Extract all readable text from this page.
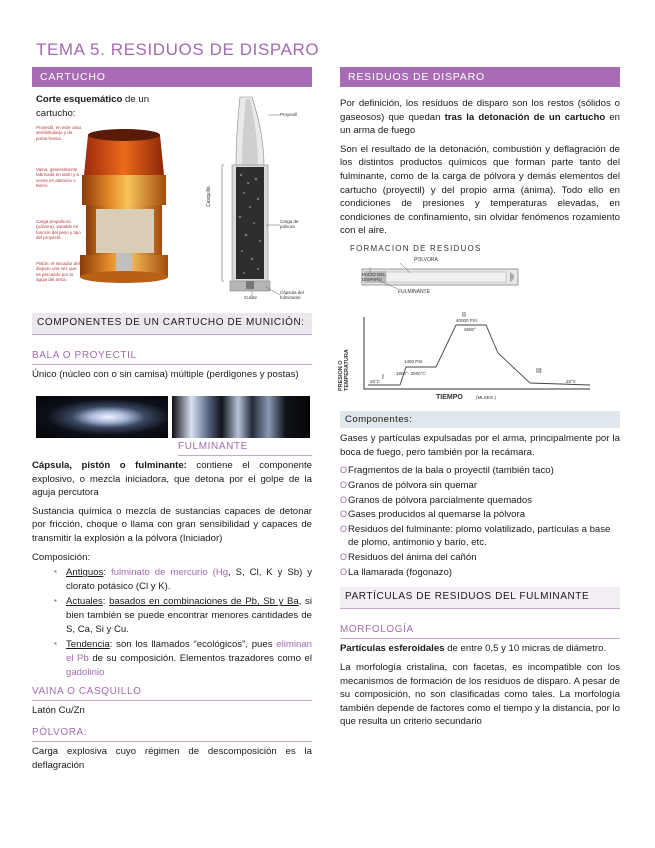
TEMA 5. RESIDUOS DE DISPARO
CARTUCHO
Corte esquemático de un cartucho:
Proyectil, en este caso semiblindado y de punta hueca.
Vaina, generalmente fabricada en latón y a veces en aluminio o hierro.
Carga propulsora (pólvora), variable en función del peso y tipo del proyectil.
Pistón: el iniciador del disparo una vez que es percutido por la aguja del arma.
Proyectil
Casquillo
Carga de pólvora
Culote
Cápsula del fulminante
COMPONENTES DE UN CARTUCHO DE MUNICIÓN:
BALA O PROYECTIL

Único (núcleo con o sin camisa) múltiple (perdigones y postas)

FULMINANTE

Cápsula, pistón o fulminante: contiene el componente explosivo, o mezcla iniciadora, que detona por el golpe de la aguja percutora

Sustancia química o mezcla de sustancias capaces de detonar por fricción, choque o llama con gran sensibilidad y capaces de transmitir la explosión a la pólvora (Iniciador)

Composición:

▪ Antiguos: fulminato de mercurio (Hg, S, Cl, K y Sb) y clorato potásico (Cl y K).
▪ Actuales: basados en combinaciones de Pb, Sb y Ba, si bien también se puede encontrar menores cantidades de S, Ca, Si y Cu.
▪ Tendencia: son los llamados “ecológicos”, pues eliminan el Pb de su composición. Elementos trazadores como el gadolinio
VAINA O CASQUILLO

Latón Cu/Zn

PÓLVORA:

Carga explosiva cuyo régimen de descomposición es la deflagración

RESIDUOS DE DISPARO

Por definición, los residuos de disparo son los restos (sólidos o gaseosos) que quedan tras la detonación de un cartucho en un arma de fuego

Son el resultado de la detonación, combustión y deflagración de los distintos productos químicos que forman parte tanto del fulminante, como de la carga de pólvora y demás elementos del cartucho (proyectil) y del propio arma (ánima). Todo ello en condiciones de presiones y temperaturas elevadas, en condiciones de confinamiento, sin olvidar fenómenos rozamiento con el aire.

FORMACION DE RESIDUOS
POLVORA
INICIO DEL DISPARO
FULMINANTE
PRESION O TEMPERATURA
TIEMPO	(MLSEG.)
I
II
III
40000 PSI
3600°
1400 PSI
1800°- 2000°C
25°C	25°C
Componentes:

Gases y partículas expulsadas por el arma, principalmente por la boca de fuego, pero también por la recámara.

O Fragmentos de la bala o proyectil (también taco)
O Granos de pólvora sin quemar
O Granos de pólvora parcialmente quemados
O Gases producidos al quemarse la pólvora
O Residuos del fulminante: plomo volatilizado, partículas a base de plomo, antimonio y bario, etc.
O Residuos del ánima del cañón
O La llamarada (fogonazo)
PARTÍCULAS DE RESIDUOS DEL FULMINANTE
MORFOLOGÍA

Partículas esferoidales de entre 0,5 y 10 micras de diámetro.

La morfología cristalina, con facetas, es incompatible con los mecanismos de formación de los residuos de disparo. A pesar de su composición, no son clasificadas como tales. La morfología también depende de factores como el tiempo y la distancia, por lo que resulta un criterio secundario
